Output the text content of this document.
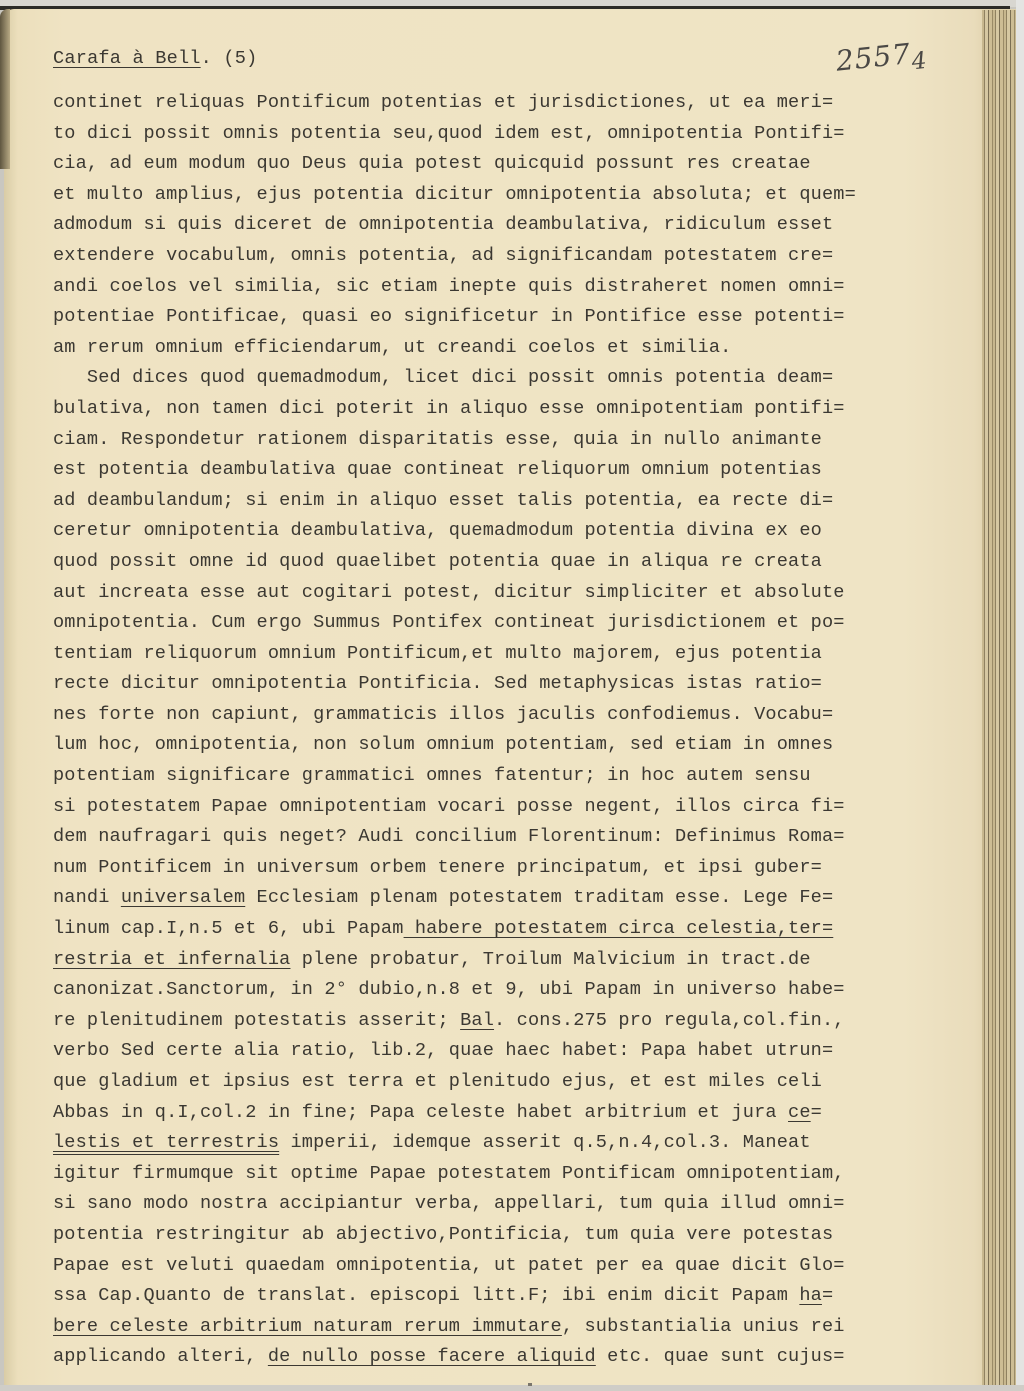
Carafa à Bell. (5)	$2557_4$
continet reliquas Pontificum potentias et jurisdictiones, ut ea meri=
to dici possit omnis potentia seu,quod idem est, omnipotentia Pontifi=
cia, ad eum modum quo Deus quia potest quicquid possunt res creatae
et multo amplius, ejus potentia dicitur omnipotentia absoluta; et quem=
admodum si quis diceret de omnipotentia deambulativa, ridiculum esset
extendere vocabulum, omnis potentia, ad significandam potestatem cre=
andi coelos vel similia, sic etiam inepte quis distraheret nomen omni=
potentiae Pontificae, quasi eo significetur in Pontifice esse potenti=
am rerum omnium efficiendarum, ut creandi coelos et similia.
Sed dices quod quemadmodum, licet dici possit omnis potentia deam=
bulativa, non tamen dici poterit in aliquo esse omnipotentiam pontifi=
ciam. Respondetur rationem disparitatis esse, quia in nullo animante
est potentia deambulativa quae contineat reliquorum omnium potentias
ad deambulandum; si enim in aliquo esset talis potentia, ea recte di=
ceretur omnipotentia deambulativa, quemadmodum potentia divina ex eo
quod possit omne id quod quaelibet potentia quae in aliqua re creata
aut increata esse aut cogitari potest, dicitur simpliciter et absolute
omnipotentia. Cum ergo Summus Pontifex contineat jurisdictionem et po=
tentiam reliquorum omnium Pontificum,et multo majorem, ejus potentia
recte dicitur omnipotentia Pontificia. Sed metaphysicas istas ratio=
nes forte non capiunt, grammaticis illos jaculis confodiemus. Vocabu=
lum hoc, omnipotentia, non solum omnium potentiam, sed etiam in omnes
potentiam significare grammatici omnes fatentur; in hoc autem sensu
si potestatem Papae omnipotentiam vocari posse negent, illos circa fi=
dem naufragari quis neget? Audi concilium Florentinum: Definimus Roma=
num Pontificem in universum orbem tenere principatum, et ipsi guber=
nandi universalem Ecclesiam plenam potestatem traditam esse. Lege Fe=
linum cap.I,n.5 et 6, ubi Papam habere potestatem circa celestia,ter=
restria et infernalia plene probatur, Troilum Malvicium in tract.de
canonizat.Sanctorum, in 2° dubio,n.8 et 9, ubi Papam in universo habe=
re plenitudinem potestatis asserit; Bal. cons.275 pro regula,col.fin.,
verbo Sed certe alia ratio, lib.2, quae haec habet: Papa habet utrun=
que gladium et ipsius est terra et plenitudo ejus, et est miles celi
Abbas in q.I,col.2 in fine; Papa celeste habet arbitrium et jura ce=
lestis et terrestris imperii, idemque asserit q.5,n.4,col.3. Maneat
igitur firmumque sit optime Papae potestatem Pontificam omnipotentiam,
si sano modo nostra accipiantur verba, appellari, tum quia illud omni=
potentia restringitur ab abjectivo,Pontificia, tum quia vere potestas
Papae est veluti quaedam omnipotentia, ut patet per ea quae dicit Glo=
ssa Cap.Quanto de translat. episcopi litt.F; ibi enim dicit Papam ha=
bere celeste arbitrium naturam rerum immutare, substantialia unius rei
applicando alteri, de nullo posse facere aliquid etc. quae sunt cujus=
